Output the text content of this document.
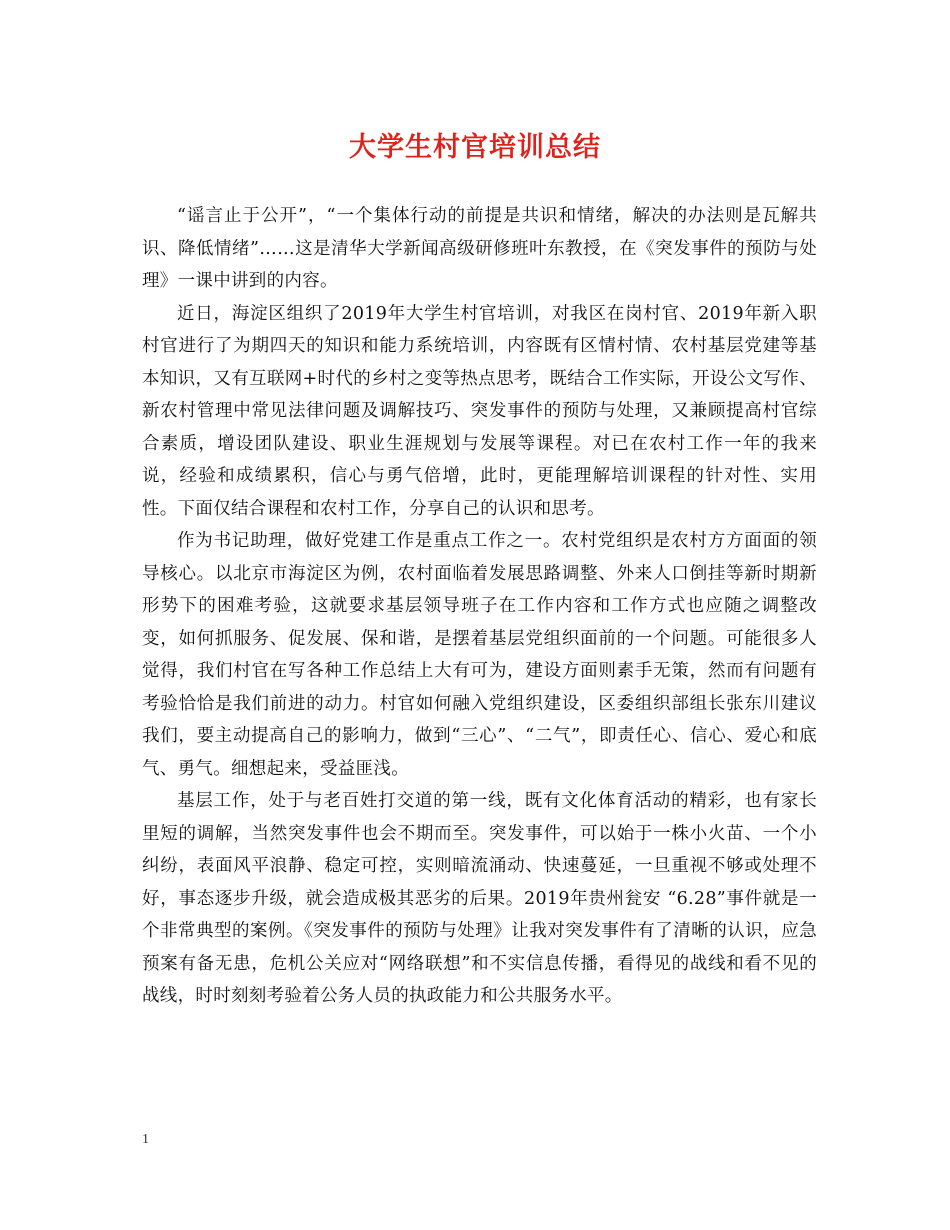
大学生村官培训总结

“谣言止于公开”，“一个集体行动的前提是共识和情绪，解决的办法则是瓦解共识、降低情绪”……这是清华大学新闻高级研修班叶东教授，在《突发事件的预防与处理》一课中讲到的内容。

近日，海淀区组织了2019年大学生村官培训，对我区在岗村官、2019年新入职村官进行了为期四天的知识和能力系统培训，内容既有区情村情、农村基层党建等基本知识，又有互联网+时代的乡村之变等热点思考，既结合工作实际，开设公文写作、新农村管理中常见法律问题及调解技巧、突发事件的预防与处理，又兼顾提高村官综合素质，增设团队建设、职业生涯规划与发展等课程。对已在农村工作一年的我来说，经验和成绩累积，信心与勇气倍增，此时，更能理解培训课程的针对性、实用性。下面仅结合课程和农村工作，分享自己的认识和思考。

作为书记助理，做好党建工作是重点工作之一。农村党组织是农村方方面面的领导核心。以北京市海淀区为例，农村面临着发展思路调整、外来人口倒挂等新时期新形势下的困难考验，这就要求基层领导班子在工作内容和工作方式也应随之调整改变，如何抓服务、促发展、保和谐，是摆着基层党组织面前的一个问题。可能很多人觉得，我们村官在写各种工作总结上大有可为，建设方面则素手无策，然而有问题有考验恰恰是我们前进的动力。村官如何融入党组织建设，区委组织部组长张东川建议我们，要主动提高自己的影响力，做到“三心”、“二气”，即责任心、信心、爱心和底气、勇气。细想起来，受益匪浅。

基层工作，处于与老百姓打交道的第一线，既有文化体育活动的精彩，也有家长里短的调解，当然突发事件也会不期而至。突发事件，可以始于一株小火苗、一个小纠纷，表面风平浪静、稳定可控，实则暗流涌动、快速蔓延，一旦重视不够或处理不好，事态逐步升级，就会造成极其恶劣的后果。2019年贵州瓮安 “6.28”事件就是一个非常典型的案例。《突发事件的预防与处理》让我对突发事件有了清晰的认识，应急预案有备无患，危机公关应对“网络联想”和不实信息传播，看得见的战线和看不见的战线，时时刻刻考验着公务人员的执政能力和公共服务水平。

1
